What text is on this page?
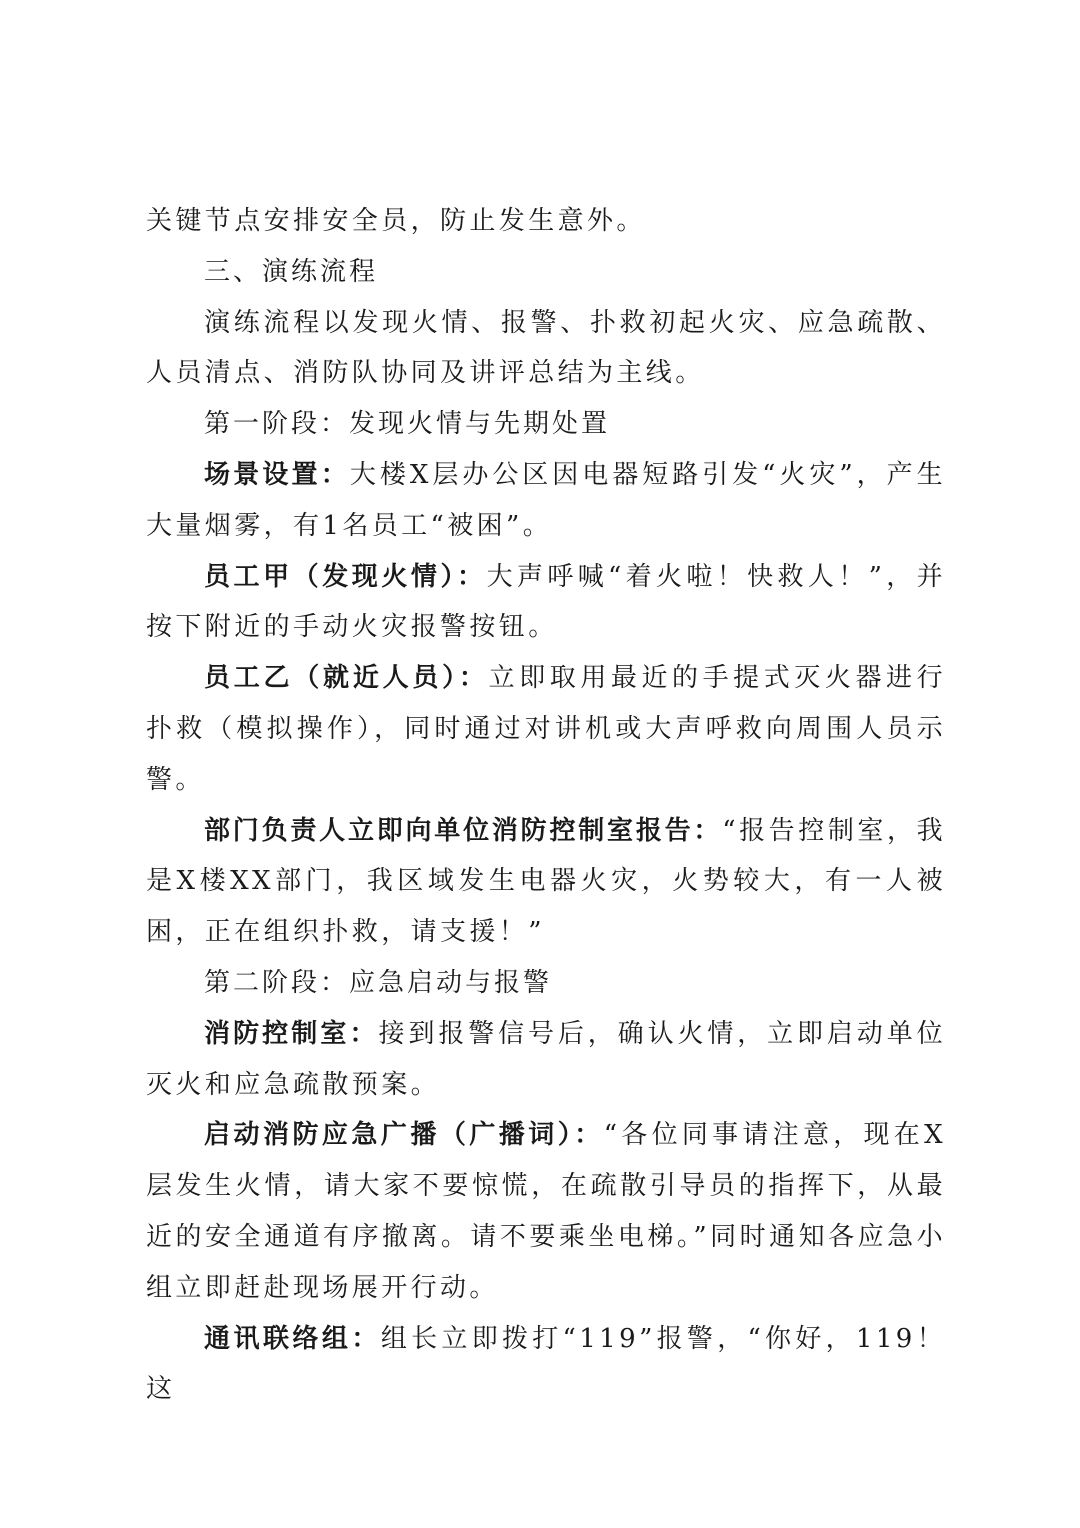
关键节点安排安全员，防止发生意外。

三、演练流程

演练流程以发现火情、报警、扑救初起火灾、应急疏散、人员清点、消防队协同及讲评总结为主线。

第一阶段：发现火情与先期处置

场景设置：大楼X层办公区因电器短路引发“火灾”，产生大量烟雾，有1名员工“被困”。

员工甲（发现火情）：大声呼喊“着火啦！快救人！”，并按下附近的手动火灾报警按钮。

员工乙（就近人员）：立即取用最近的手提式灭火器进行扑救（模拟操作），同时通过对讲机或大声呼救向周围人员示警。

部门负责人立即向单位消防控制室报告：“报告控制室，我是X楼XX部门，我区域发生电器火灾，火势较大，有一人被困，正在组织扑救，请支援！”

第二阶段：应急启动与报警

消防控制室：接到报警信号后，确认火情，立即启动单位灭火和应急疏散预案。

启动消防应急广播（广播词）：“各位同事请注意，现在X层发生火情，请大家不要惊慌，在疏散引导员的指挥下，从最近的安全通道有序撤离。请不要乘坐电梯。”同时通知各应急小组立即赶赴现场展开行动。

通讯联络组：组长立即拨打“119”报警，“你好，119！这
